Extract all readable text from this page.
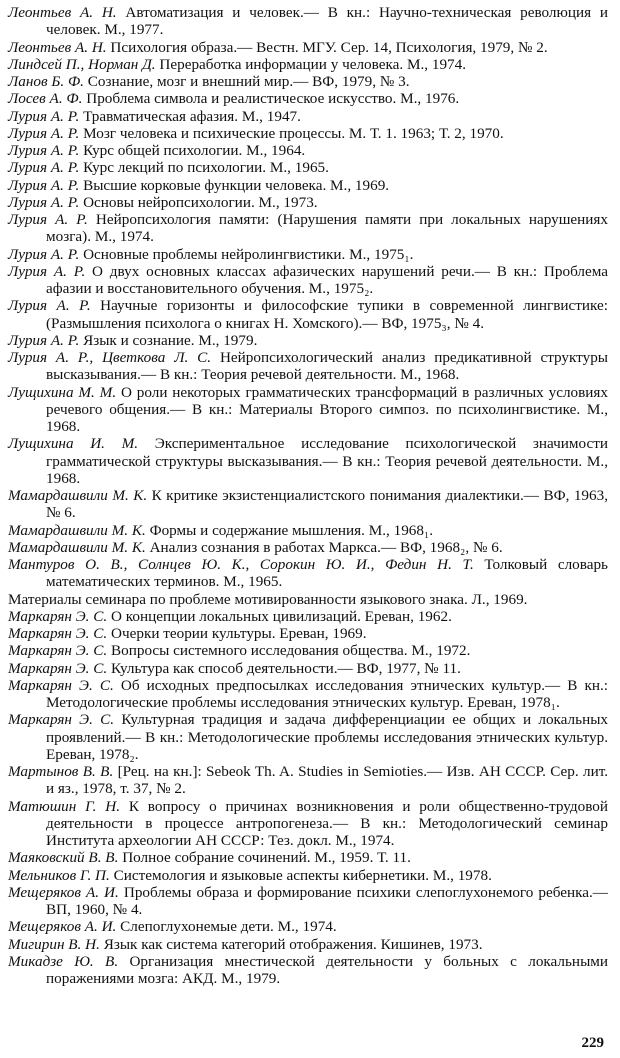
Леонтьев А. Н. Автоматизация и человек.— В кн.: Научно-техническая революция и человек. М., 1977.
Леонтьев А. Н. Психология образа.— Вестн. МГУ. Сер. 14, Психология, 1979, № 2.
Линдсей П., Норман Д. Переработка информации у человека. М., 1974.
Ланов Б. Ф. Сознание, мозг и внешний мир.— ВФ, 1979, № 3.
Лосев А. Ф. Проблема символа и реалистическое искусство. М., 1976.
Лурия А. Р. Травматическая афазия. М., 1947.
Лурия А. Р. Мозг человека и психические процессы. М. Т. 1. 1963; Т. 2, 1970.
Лурия А. Р. Курс общей психологии. М., 1964.
Лурия А. Р. Курс лекций по психологии. М., 1965.
Лурия А. Р. Высшие корковые функции человека. М., 1969.
Лурия А. Р. Основы нейропсихологии. М., 1973.
Лурия А. Р. Нейропсихология памяти: (Нарушения памяти при локальных нарушениях мозга). М., 1974.
Лурия А. Р. Основные проблемы нейролингвистики. М., 1975₁.
Лурия А. Р. О двух основных классах афазических нарушений речи.— В кн.: Проблема афазии и восстановительного обучения. М., 1975₂.
Лурия А. Р. Научные горизонты и философские тупики в современной лингвистике: (Размышления психолога о книгах Н. Хомского).— ВФ, 1975₃, № 4.
Лурия А. Р. Язык и сознание. М., 1979.
Лурия А. Р., Цветкова Л. С. Нейропсихологический анализ предикативной структуры высказывания.— В кн.: Теория речевой деятельности. М., 1968.
Лущихина М. М. О роли некоторых грамматических трансформаций в различных условиях речевого общения.— В кн.: Материалы Второго симпоз. по психолингвистике. М., 1968.
Лущихина И. М. Экспериментальное исследование психологической значимости грамматической структуры высказывания.— В кн.: Теория речевой деятельности. М., 1968.
Мамардашвили М. К. К критике экзистенциалистского понимания диалектики.— ВФ, 1963, № 6.
Мамардашвили М. К. Формы и содержание мышления. М., 1968₁.
Мамардашвили М. К. Анализ сознания в работах Маркса.— ВФ, 1968₂, № 6.
Мантуров О. В., Солнцев Ю. К., Сорокин Ю. И., Федин Н. Т. Толковый словарь математических терминов. М., 1965.
Материалы семинара по проблеме мотивированности языкового знака. Л., 1969.
Маркарян Э. С. О концепции локальных цивилизаций. Ереван, 1962.
Маркарян Э. С. Очерки теории культуры. Ереван, 1969.
Маркарян Э. С. Вопросы системного исследования общества. М., 1972.
Маркарян Э. С. Культура как способ деятельности.— ВФ, 1977, № 11.
Маркарян Э. С. Об исходных предпосылках исследования этнических культур.— В кн.: Методологические проблемы исследования этнических культур. Ереван, 1978₁.
Маркарян Э. С. Культурная традиция и задача дифференциации ее общих и локальных проявлений.— В кн.: Методологические проблемы исследования этнических культур. Ереван, 1978₂.
Мартынов В. В. [Рец. на кн.]: Sebeok Th. A. Studies in Semioties.— Изв. АН СССР. Сер. лит. и яз., 1978, т. 37, № 2.
Матюшин Г. Н. К вопросу о причинах возникновения и роли общественно-трудовой деятельности в процессе антропогенеза.— В кн.: Методологический семинар Института археологии АН СССР: Тез. докл. М., 1974.
Маяковский В. В. Полное собрание сочинений. М., 1959. Т. 11.
Мельников Г. П. Системология и языковые аспекты кибернетики. М., 1978.
Мещеряков А. И. Проблемы образа и формирование психики слепоглухонемого ребенка.— ВП, 1960, № 4.
Мещеряков А. И. Слепоглухонемые дети. М., 1974.
Мигирин В. Н. Язык как система категорий отображения. Кишинев, 1973.
Микадзе Ю. В. Организация мнестической деятельности у больных с локальными поражениями мозга: АКД. М., 1979.
229
